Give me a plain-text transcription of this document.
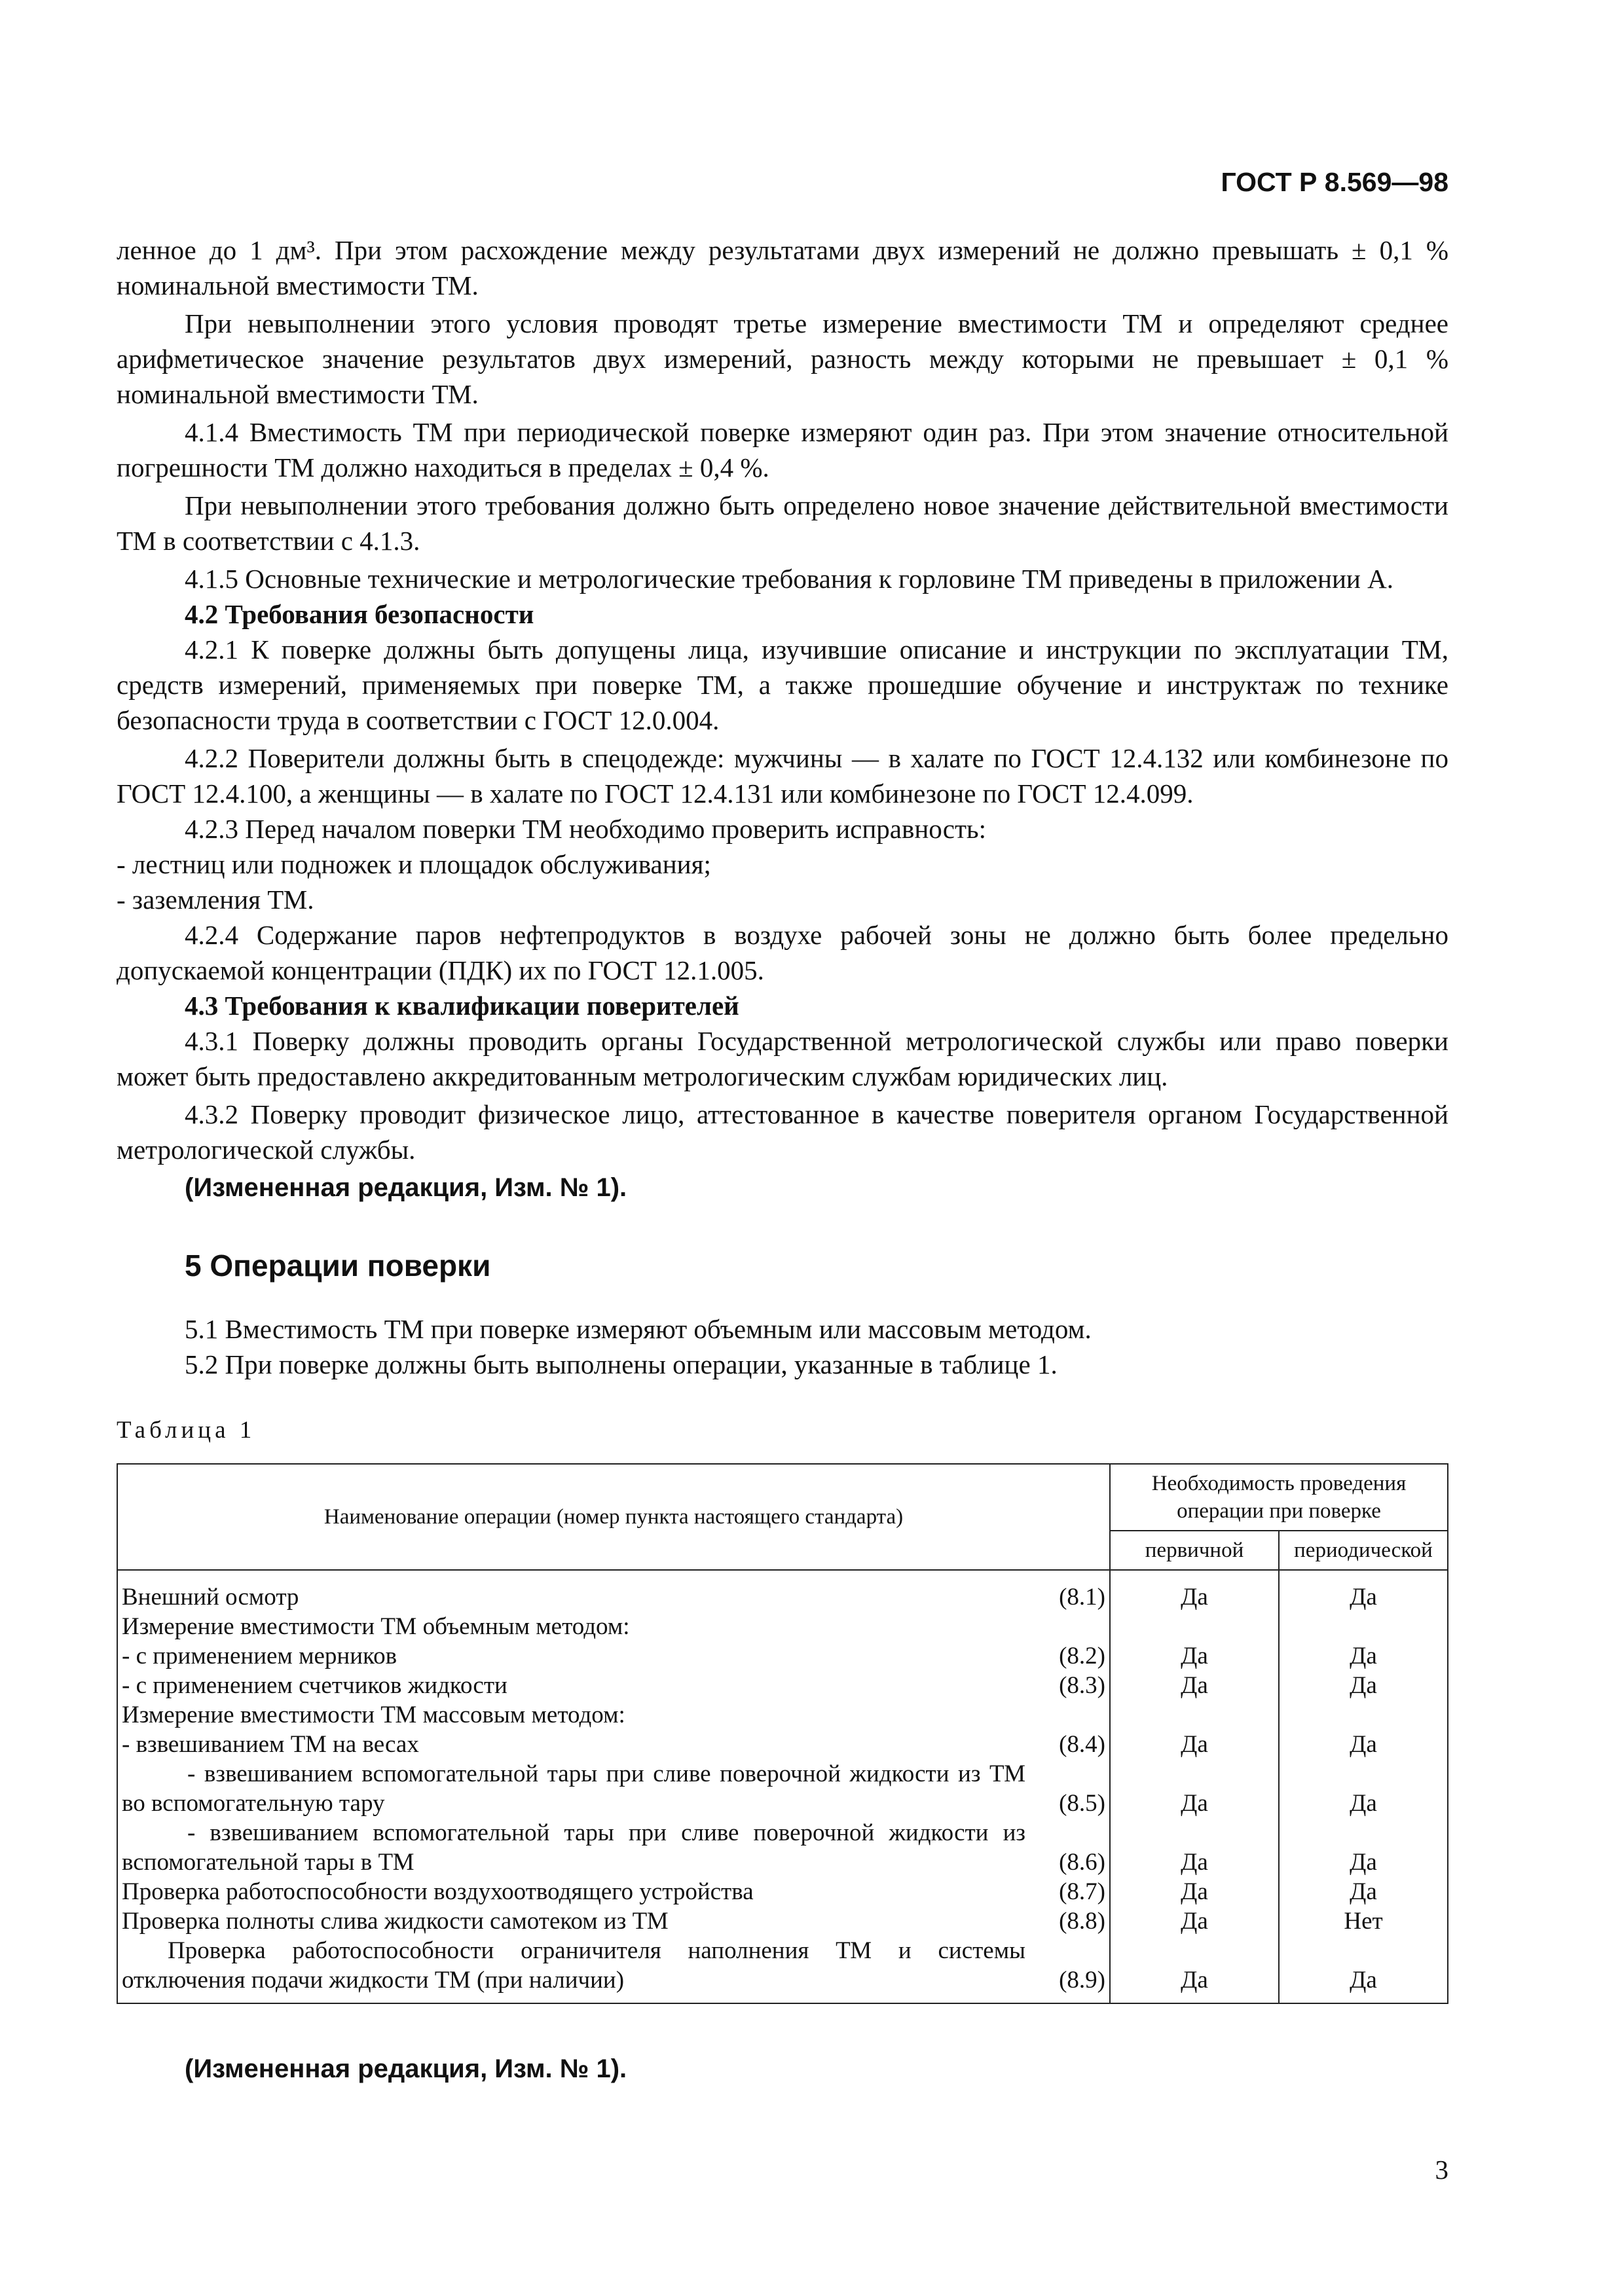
ГОСТ Р 8.569—98

ленное до 1 дм³. При этом расхождение между результатами двух измерений не должно превышать ± 0,1 % номинальной вместимости ТМ.

При невыполнении этого условия проводят третье измерение вместимости ТМ и определяют среднее арифметическое значение результатов двух измерений, разность между которыми не превышает ± 0,1 % номинальной вместимости ТМ.

4.1.4 Вместимость ТМ при периодической поверке измеряют один раз. При этом значение относительной погрешности ТМ должно находиться в пределах ± 0,4 %.

При невыполнении этого требования должно быть определено новое значение действительной вместимости ТМ в соответствии с 4.1.3.

4.1.5 Основные технические и метрологические требования к горловине ТМ приведены в приложении А.

4.2 Требования безопасности

4.2.1 К поверке должны быть допущены лица, изучившие описание и инструкции по эксплуатации ТМ, средств измерений, применяемых при поверке ТМ, а также прошедшие обучение и инструктаж по технике безопасности труда в соответствии с ГОСТ 12.0.004.

4.2.2 Поверители должны быть в спецодежде: мужчины — в халате по ГОСТ 12.4.132 или комбинезоне по ГОСТ 12.4.100, а женщины — в халате по ГОСТ 12.4.131 или комбинезоне по ГОСТ 12.4.099.

4.2.3 Перед началом поверки ТМ необходимо проверить исправность:

- лестниц или подножек и площадок обслуживания;

- заземления ТМ.

4.2.4 Содержание паров нефтепродуктов в воздухе рабочей зоны не должно быть более предельно допускаемой концентрации (ПДК) их по ГОСТ 12.1.005.

4.3 Требования к квалификации поверителей

4.3.1 Поверку должны проводить органы Государственной метрологической службы или право поверки может быть предоставлено аккредитованным метрологическим службам юридических лиц.

4.3.2 Поверку проводит физическое лицо, аттестованное в качестве поверителя органом Государственной метрологической службы.

(Измененная редакция, Изм. № 1).

5 Операции поверки

5.1 Вместимость ТМ при поверке измеряют объемным или массовым методом.

5.2 При поверке должны быть выполнены операции, указанные в таблице 1.

Таблица 1

Наименование операции (номер пункта настоящего стандарта)		Необходимость проведения операции при поверке	
		первичной	периодической
Внешний осмотр	(8.1)	Да	Да
Измерение вместимости ТМ объемным методом:			
- с применением мерников	(8.2)	Да	Да
- с применением счетчиков жидкости	(8.3)	Да	Да
Измерение вместимости ТМ массовым методом:			
- взвешиванием ТМ на весах	(8.4)	Да	Да
- взвешиванием вспомогательной тары при сливе поверочной жидкости из ТМ во вспомогательную тару	(8.5)	Да	Да
- взвешиванием вспомогательной тары при сливе поверочной жидкости из вспомогательной тары в ТМ	(8.6)	Да	Да
Проверка работоспособности воздухоотводящего устройства	(8.7)	Да	Да
Проверка полноты слива жидкости самотеком из ТМ	(8.8)	Да	Нет
Проверка работоспособности ограничителя наполнения ТМ и системы отключения подачи жидкости ТМ (при наличии)	(8.9)	Да	Да

(Измененная редакция, Изм. № 1).

3
